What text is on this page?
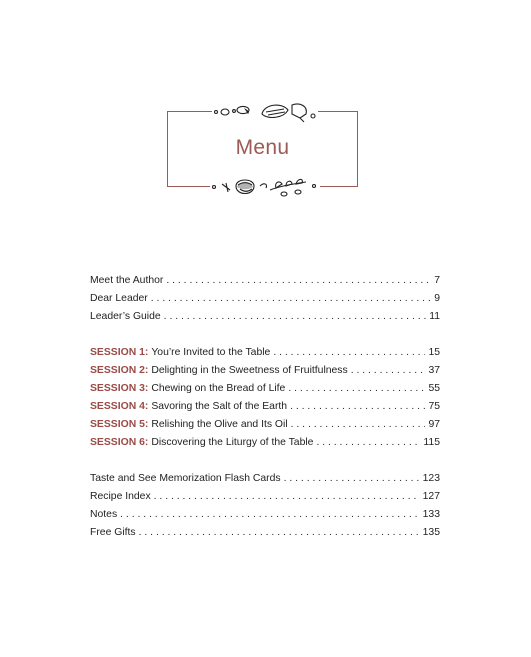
Menu
Meet the Author . . .	7
Dear Leader . . .	9
Leader’s Guide . . .	11
SESSION 1: You’re Invited to the Table . . .	15
SESSION 2: Delighting in the Sweetness of Fruitfulness . . .	37
SESSION 3: Chewing on the Bread of Life . . .	55
SESSION 4: Savoring the Salt of the Earth . . .	75
SESSION 5: Relishing the Olive and Its Oil . . .	97
SESSION 6: Discovering the Liturgy of the Table . . .	115
Taste and See Memorization Flash Cards . . .	123
Recipe Index . . .	127
Notes . . .	133
Free Gifts . . .	135
